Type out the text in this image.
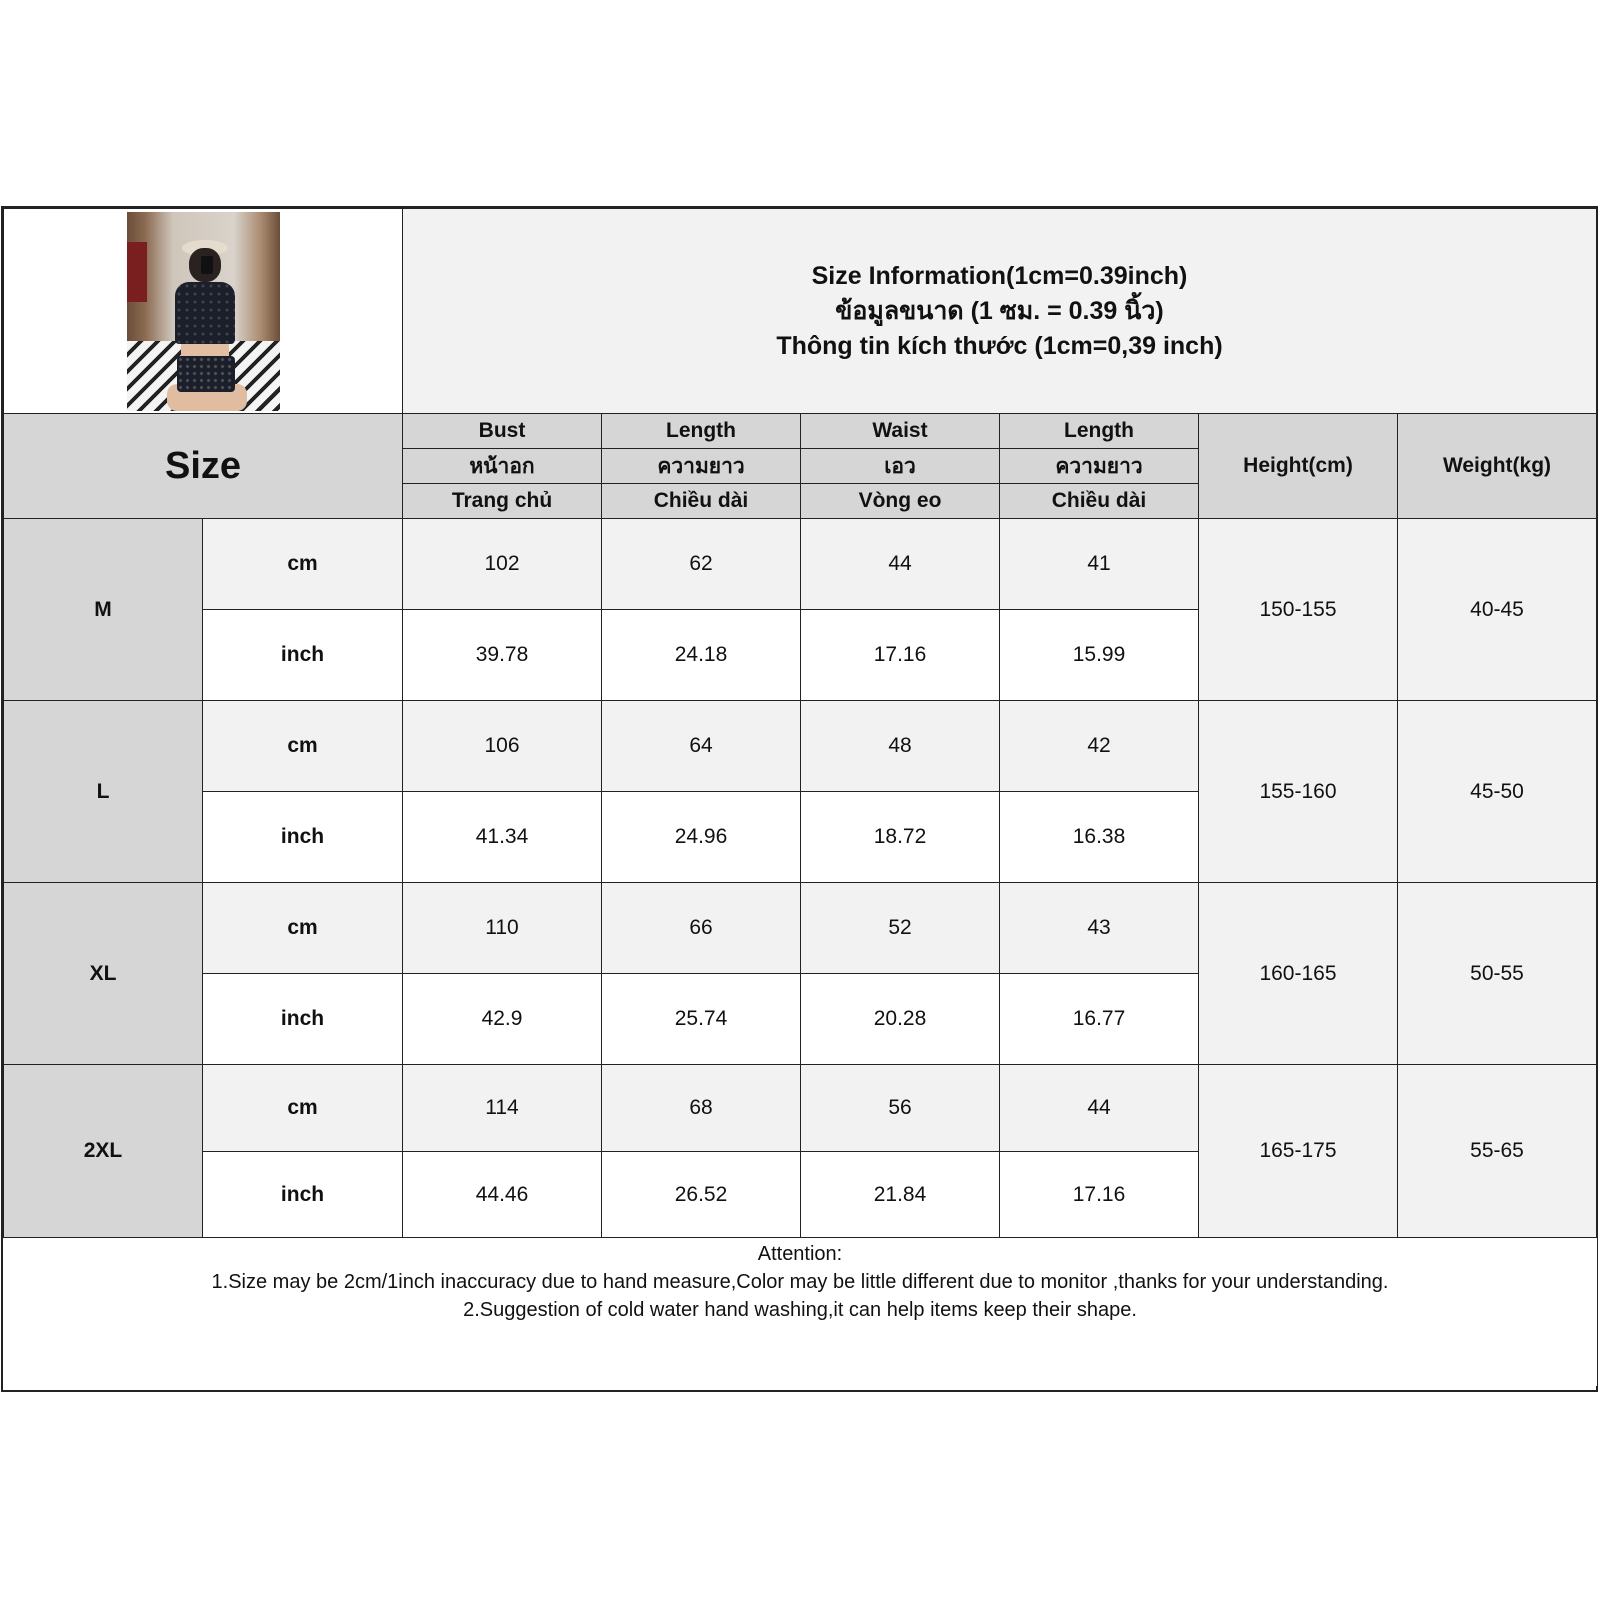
		Size Information(1cm=0.39inch)
ข้อมูลขนาด (1 ซม. = 0.39 นิ้ว)
Thông tin kích thước (1cm=0,39 inch)					

Size		Bust	Length	Waist	Length	Height(cm)	Weight(kg)
		หน้าอก	ความยาว	เอว	ความยาว		
		Trang chủ	Chiều dài	Vòng eo	Chiều dài		
M	cm	102	62	44	41	150-155	40-45
	inch	39.78	24.18	17.16	15.99		
L	cm	106	64	48	42	155-160	45-50
	inch	41.34	24.96	18.72	16.38		
XL	cm	110	66	52	43	160-165	50-55
	inch	42.9	25.74	20.28	16.77		
2XL	cm	114	68	56	44	165-175	55-65
	inch	44.46	26.52	21.84	17.16		

Attention:
1.Size may be 2cm/1inch inaccuracy due to hand measure,Color may be little different due to monitor ,thanks for your understanding.
2.Suggestion of cold water hand washing,it can help items keep their shape.							
